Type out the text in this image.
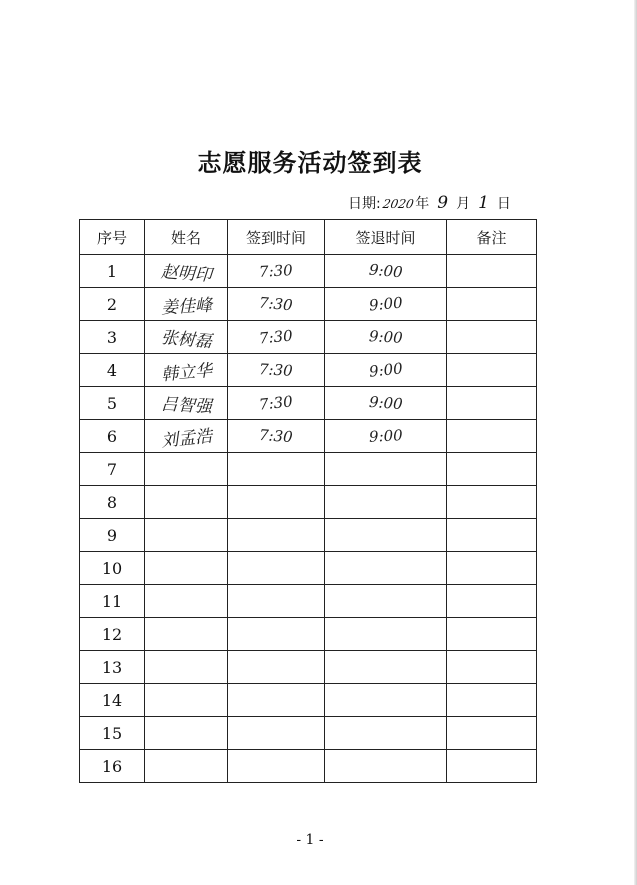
志愿服务活动签到表
日期:2020年 9 月 1 日
序号	姓名	签到时间	签退时间	备注
1	赵明印	7:30	9:00	
2	姜佳峰	7:30	9:00	
3	张树磊	7:30	9:00	
4	韩立华	7:30	9:00	
5	吕智强	7:30	9:00	
6	刘孟浩	7:30	9:00	
7				
8				
9				
10				
11				
12				
13				
14				
15				
16				
- 1 -
